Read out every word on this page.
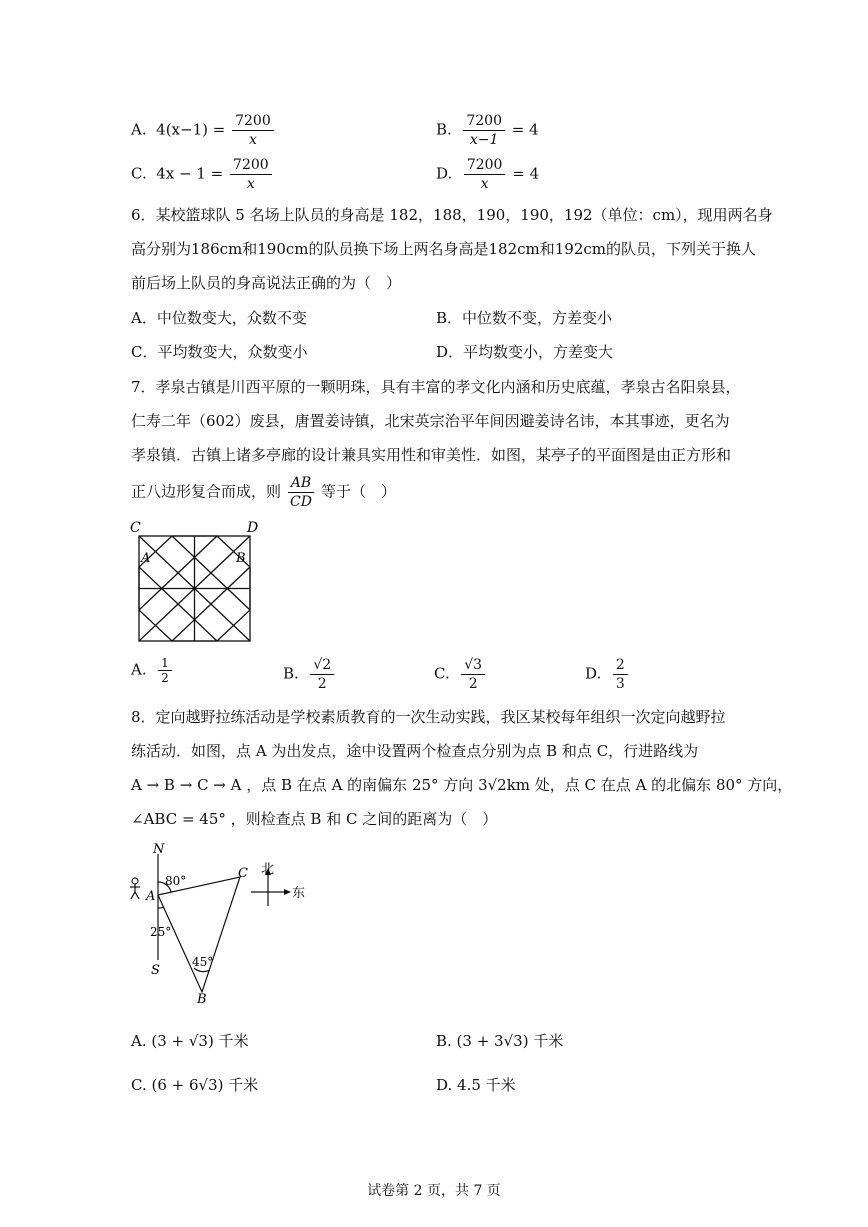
A. $4(x-1) = \frac{7200}{x}$	B. $\frac{7200}{x-1} = 4$
C. $4x - 1 = \frac{7200}{x}$	D. $\frac{7200}{x} = 4$
6．某校篮球队 5 名场上队员的身高是 182，188，190，190，192（单位：cm），现用两名身
高分别为186cm和190cm的队员换下场上两名身高是182cm和192cm的队员，下列关于换人
前后场上队员的身高说法正确的为（　）
A．中位数变大，众数不变	B．中位数不变，方差变小
C．平均数变大，众数变小	D．平均数变小，方差变大
7．孝泉古镇是川西平原的一颗明珠，具有丰富的孝文化内涵和历史底蕴，孝泉古名阳泉县，
仁寿二年（602）废县，唐置姜诗镇，北宋英宗治平年间因避姜诗名讳，本其事迹，更名为
孝泉镇．古镇上诸多亭廊的设计兼具实用性和审美性．如图，某亭子的平面图是由正方形和
正八边形复合而成，则 $\frac{AB}{CD}$ 等于（　）
C	D
A	B
A. $\frac{1}{2}$	B. $\frac{√2}{2}$	C. $\frac{√3}{2}$	D. $\frac{2}{3}$
8．定向越野拉练活动是学校素质教育的一次生动实践，我区某校每年组织一次定向越野拉
练活动．如图，点 A 为出发点，途中设置两个检查点分别为点 B 和点 C，行进路线为
A → B → C → A ，点 B 在点 A 的南偏东 25° 方向 3√2km 处，点 C 在点 A 的北偏东 80° 方向，
∠ABC = 45° ，则检查点 B 和 C 之间的距离为（　）
N
S
A
C
B
80°
25°
45°
北
东
A. (3 + √3) 千米	B. (3 + 3√3) 千米
C. (6 + 6√3) 千米	D. 4.5 千米
试卷第 2 页，共 7 页
